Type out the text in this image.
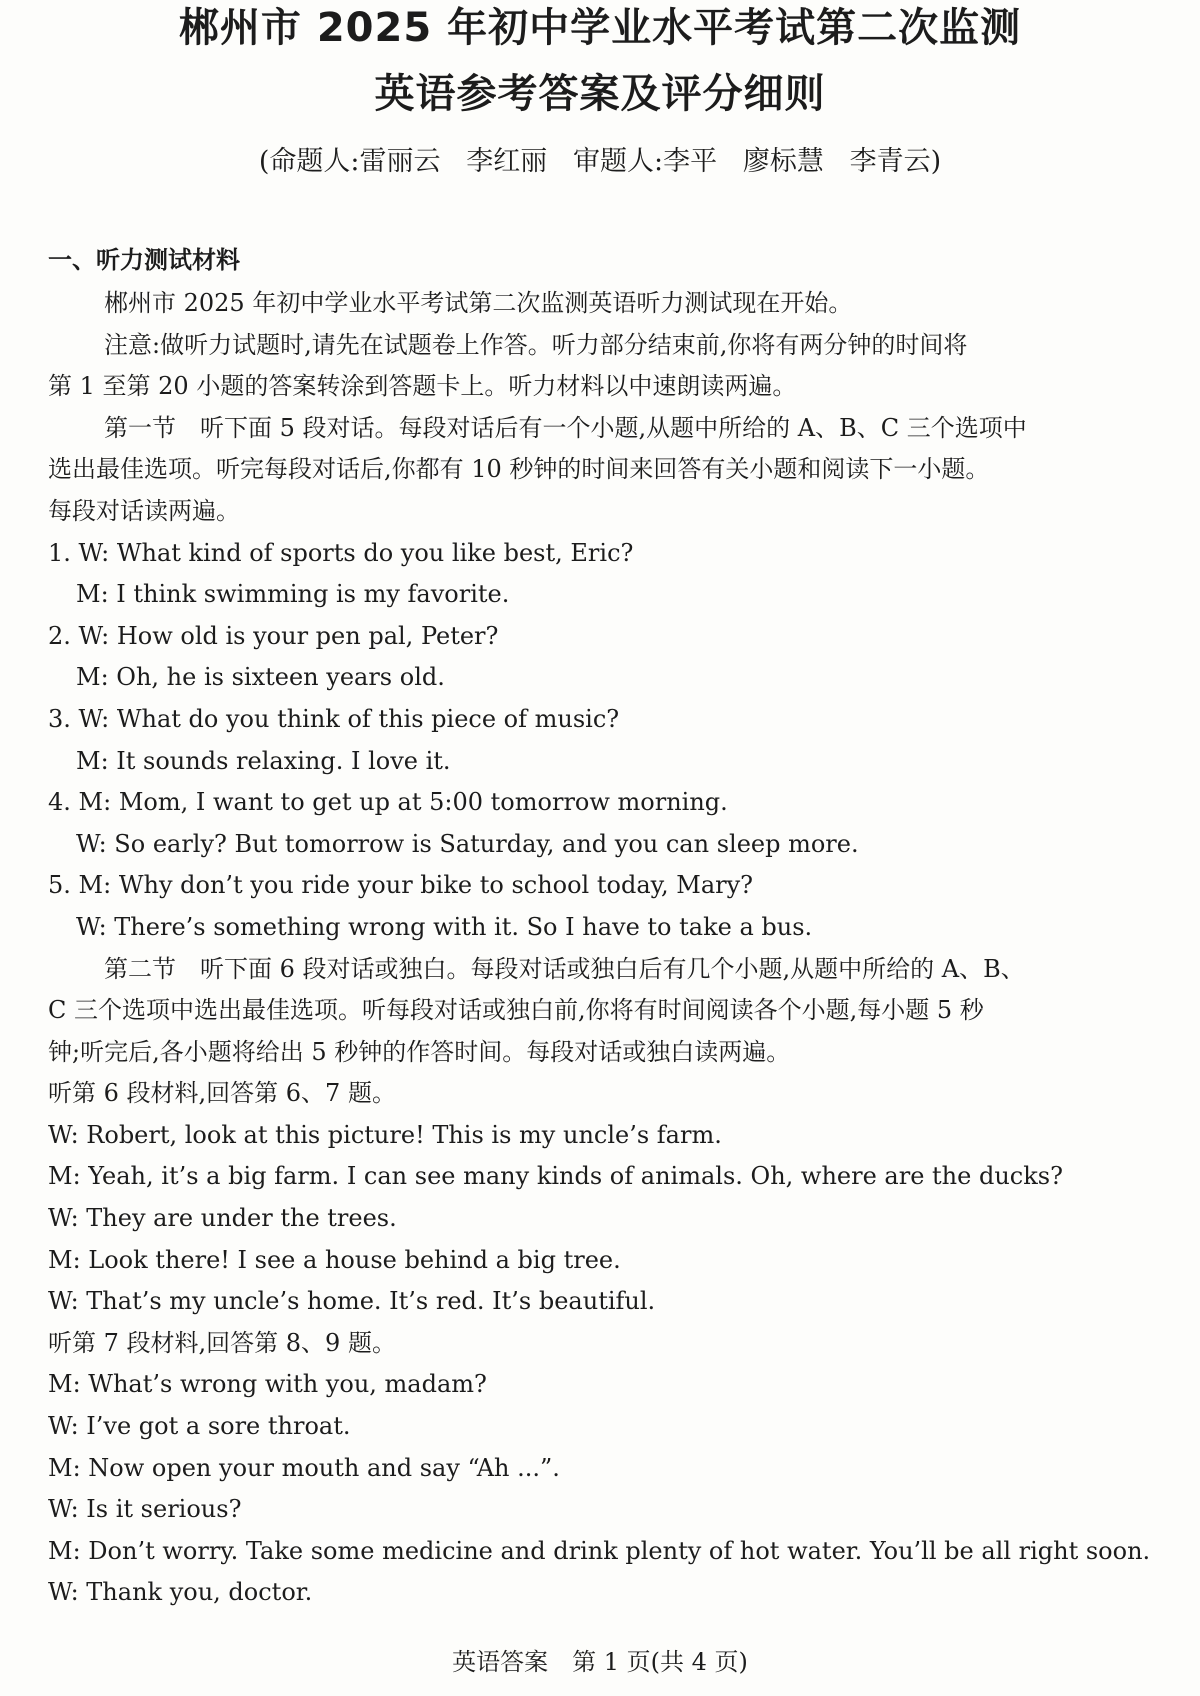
郴州市 2025 年初中学业水平考试第二次监测
英语参考答案及评分细则
(命题人:雷丽云   李红丽   审题人:李平   廖标慧   李青云)
一、听力测试材料
郴州市 2025 年初中学业水平考试第二次监测英语听力测试现在开始。
注意:做听力试题时,请先在试题卷上作答。听力部分结束前,你将有两分钟的时间将
第 1 至第 20 小题的答案转涂到答题卡上。听力材料以中速朗读两遍。
第一节　听下面 5 段对话。每段对话后有一个小题,从题中所给的 A、B、C 三个选项中
选出最佳选项。听完每段对话后,你都有 10 秒钟的时间来回答有关小题和阅读下一小题。
每段对话读两遍。
1. W: What kind of sports do you like best, Eric?
M: I think swimming is my favorite.
2. W: How old is your pen pal, Peter?
M: Oh, he is sixteen years old.
3. W: What do you think of this piece of music?
M: It sounds relaxing. I love it.
4. M: Mom, I want to get up at 5:00 tomorrow morning.
W: So early? But tomorrow is Saturday, and you can sleep more.
5. M: Why don’t you ride your bike to school today, Mary?
W: There’s something wrong with it. So I have to take a bus.
第二节　听下面 6 段对话或独白。每段对话或独白后有几个小题,从题中所给的 A、B、
C 三个选项中选出最佳选项。听每段对话或独白前,你将有时间阅读各个小题,每小题 5 秒
钟;听完后,各小题将给出 5 秒钟的作答时间。每段对话或独白读两遍。
听第 6 段材料,回答第 6、7 题。
W: Robert, look at this picture! This is my uncle’s farm.
M: Yeah, it’s a big farm. I can see many kinds of animals. Oh, where are the ducks?
W: They are under the trees.
M: Look there! I see a house behind a big tree.
W: That’s my uncle’s home. It’s red. It’s beautiful.
听第 7 段材料,回答第 8、9 题。
M: What’s wrong with you, madam?
W: I’ve got a sore throat.
M: Now open your mouth and say “Ah ...”.
W: Is it serious?
M: Don’t worry. Take some medicine and drink plenty of hot water. You’ll be all right soon.
W: Thank you, doctor.
英语答案　第 1 页(共 4 页)
